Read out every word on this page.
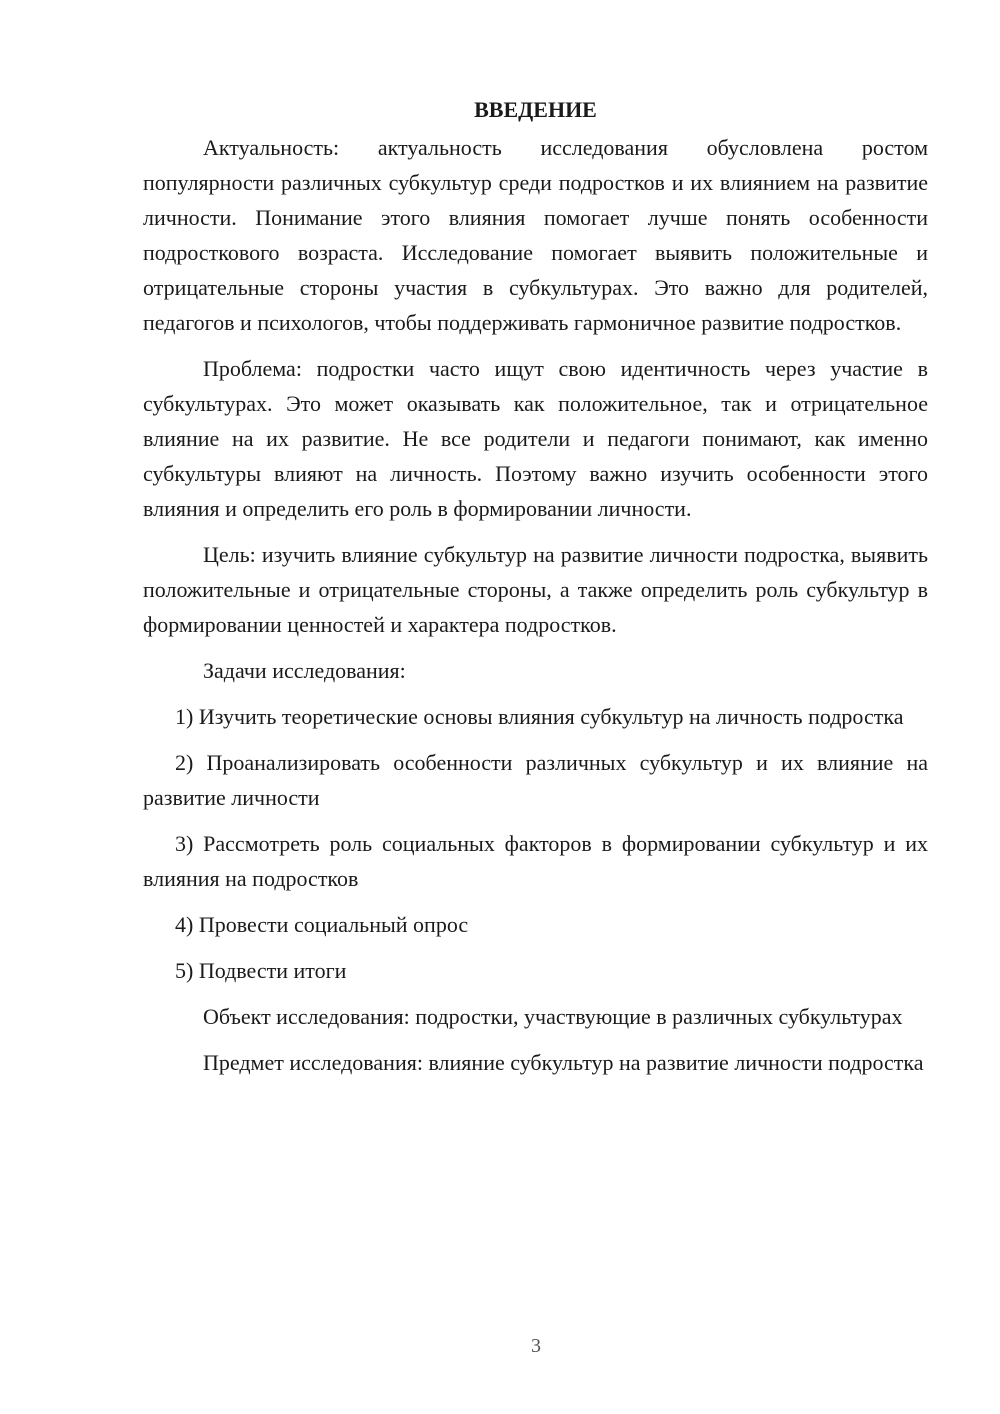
ВВЕДЕНИЕ

Актуальность: актуальность исследования обусловлена ростом популярности различных субкультур среди подростков и их влиянием на развитие личности. Понимание этого влияния помогает лучше понять особенности подросткового возраста. Исследование помогает выявить положительные и отрицательные стороны участия в субкультурах. Это важно для родителей, педагогов и психологов, чтобы поддерживать гармоничное развитие подростков.

Проблема: подростки часто ищут свою идентичность через участие в субкультурах. Это может оказывать как положительное, так и отрицательное влияние на их развитие. Не все родители и педагоги понимают, как именно субкультуры влияют на личность. Поэтому важно изучить особенности этого влияния и определить его роль в формировании личности.

Цель: изучить влияние субкультур на развитие личности подростка, выявить положительные и отрицательные стороны, а также определить роль субкультур в формировании ценностей и характера подростков.

Задачи исследования:

1) Изучить теоретические основы влияния субкультур на личность подростка

2) Проанализировать особенности различных субкультур и их влияние на развитие личности

3) Рассмотреть роль социальных факторов в формировании субкультур и их влияния на подростков

4) Провести социальный опрос

5) Подвести итоги

Объект исследования: подростки, участвующие в различных субкультурах

Предмет исследования: влияние субкультур на развитие личности подростка

3
